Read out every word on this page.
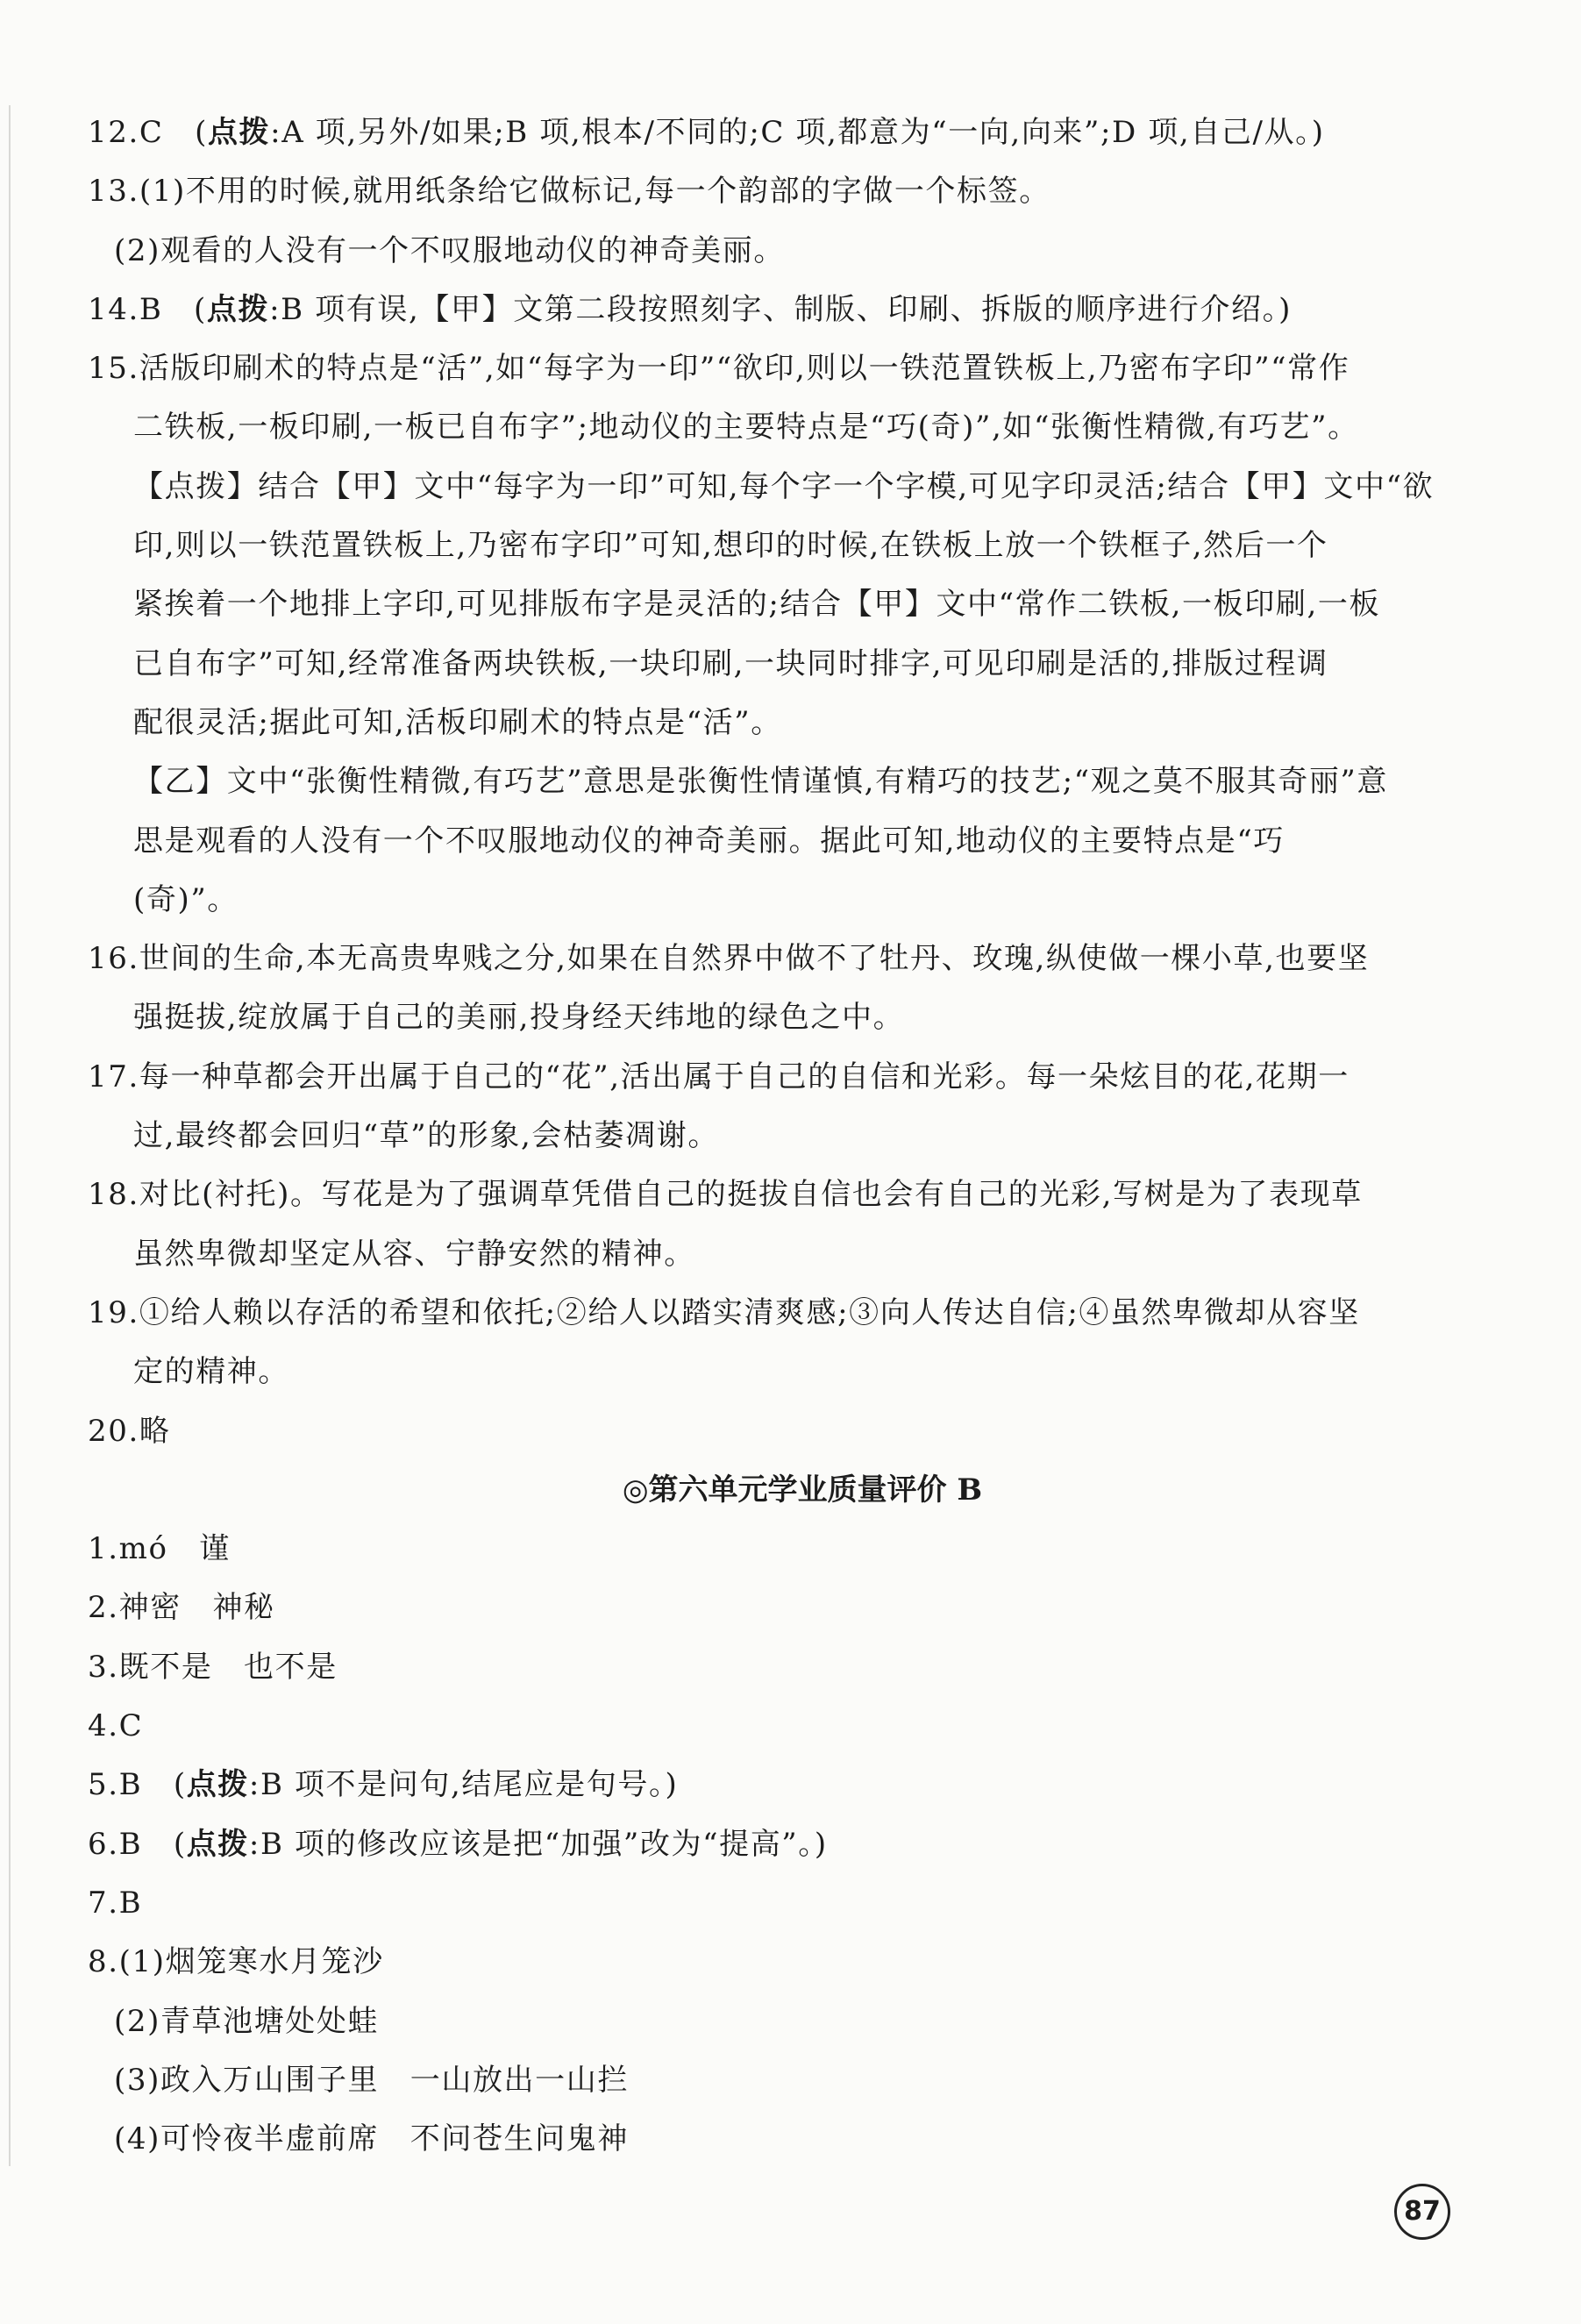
12.C　(点拨:A 项,另外/如果;B 项,根本/不同的;C 项,都意为“一向,向来”;D 项,自己/从。)
13.(1)不用的时候,就用纸条给它做标记,每一个韵部的字做一个标签。
(2)观看的人没有一个不叹服地动仪的神奇美丽。
14.B　(点拨:B 项有误,【甲】文第二段按照刻字、制版、印刷、拆版的顺序进行介绍。)
15.活版印刷术的特点是“活”,如“每字为一印”“欲印,则以一铁范置铁板上,乃密布字印”“常作
二铁板,一板印刷,一板已自布字”;地动仪的主要特点是“巧(奇)”,如“张衡性精微,有巧艺”。
【点拨】结合【甲】文中“每字为一印”可知,每个字一个字模,可见字印灵活;结合【甲】文中“欲
印,则以一铁范置铁板上,乃密布字印”可知,想印的时候,在铁板上放一个铁框子,然后一个
紧挨着一个地排上字印,可见排版布字是灵活的;结合【甲】文中“常作二铁板,一板印刷,一板
已自布字”可知,经常准备两块铁板,一块印刷,一块同时排字,可见印刷是活的,排版过程调
配很灵活;据此可知,活板印刷术的特点是“活”。
【乙】文中“张衡性精微,有巧艺”意思是张衡性情谨慎,有精巧的技艺;“观之莫不服其奇丽”意
思是观看的人没有一个不叹服地动仪的神奇美丽。据此可知,地动仪的主要特点是“巧
(奇)”。
16.世间的生命,本无高贵卑贱之分,如果在自然界中做不了牡丹、玫瑰,纵使做一棵小草,也要坚
强挺拔,绽放属于自己的美丽,投身经天纬地的绿色之中。
17.每一种草都会开出属于自己的“花”,活出属于自己的自信和光彩。每一朵炫目的花,花期一
过,最终都会回归“草”的形象,会枯萎凋谢。
18.对比(衬托)。写花是为了强调草凭借自己的挺拔自信也会有自己的光彩,写树是为了表现草
虽然卑微却坚定从容、宁静安然的精神。
19.①给人赖以存活的希望和依托;②给人以踏实清爽感;③向人传达自信;④虽然卑微却从容坚
定的精神。
20.略
◎第六单元学业质量评价 B
1.mó　谨
2.神密　神秘
3.既不是　也不是
4.C
5.B　(点拨:B 项不是问句,结尾应是句号。)
6.B　(点拨:B 项的修改应该是把“加强”改为“提高”。)
7.B
8.(1)烟笼寒水月笼沙
(2)青草池塘处处蛙
(3)政入万山围子里　一山放出一山拦
(4)可怜夜半虚前席　不问苍生问鬼神
87
